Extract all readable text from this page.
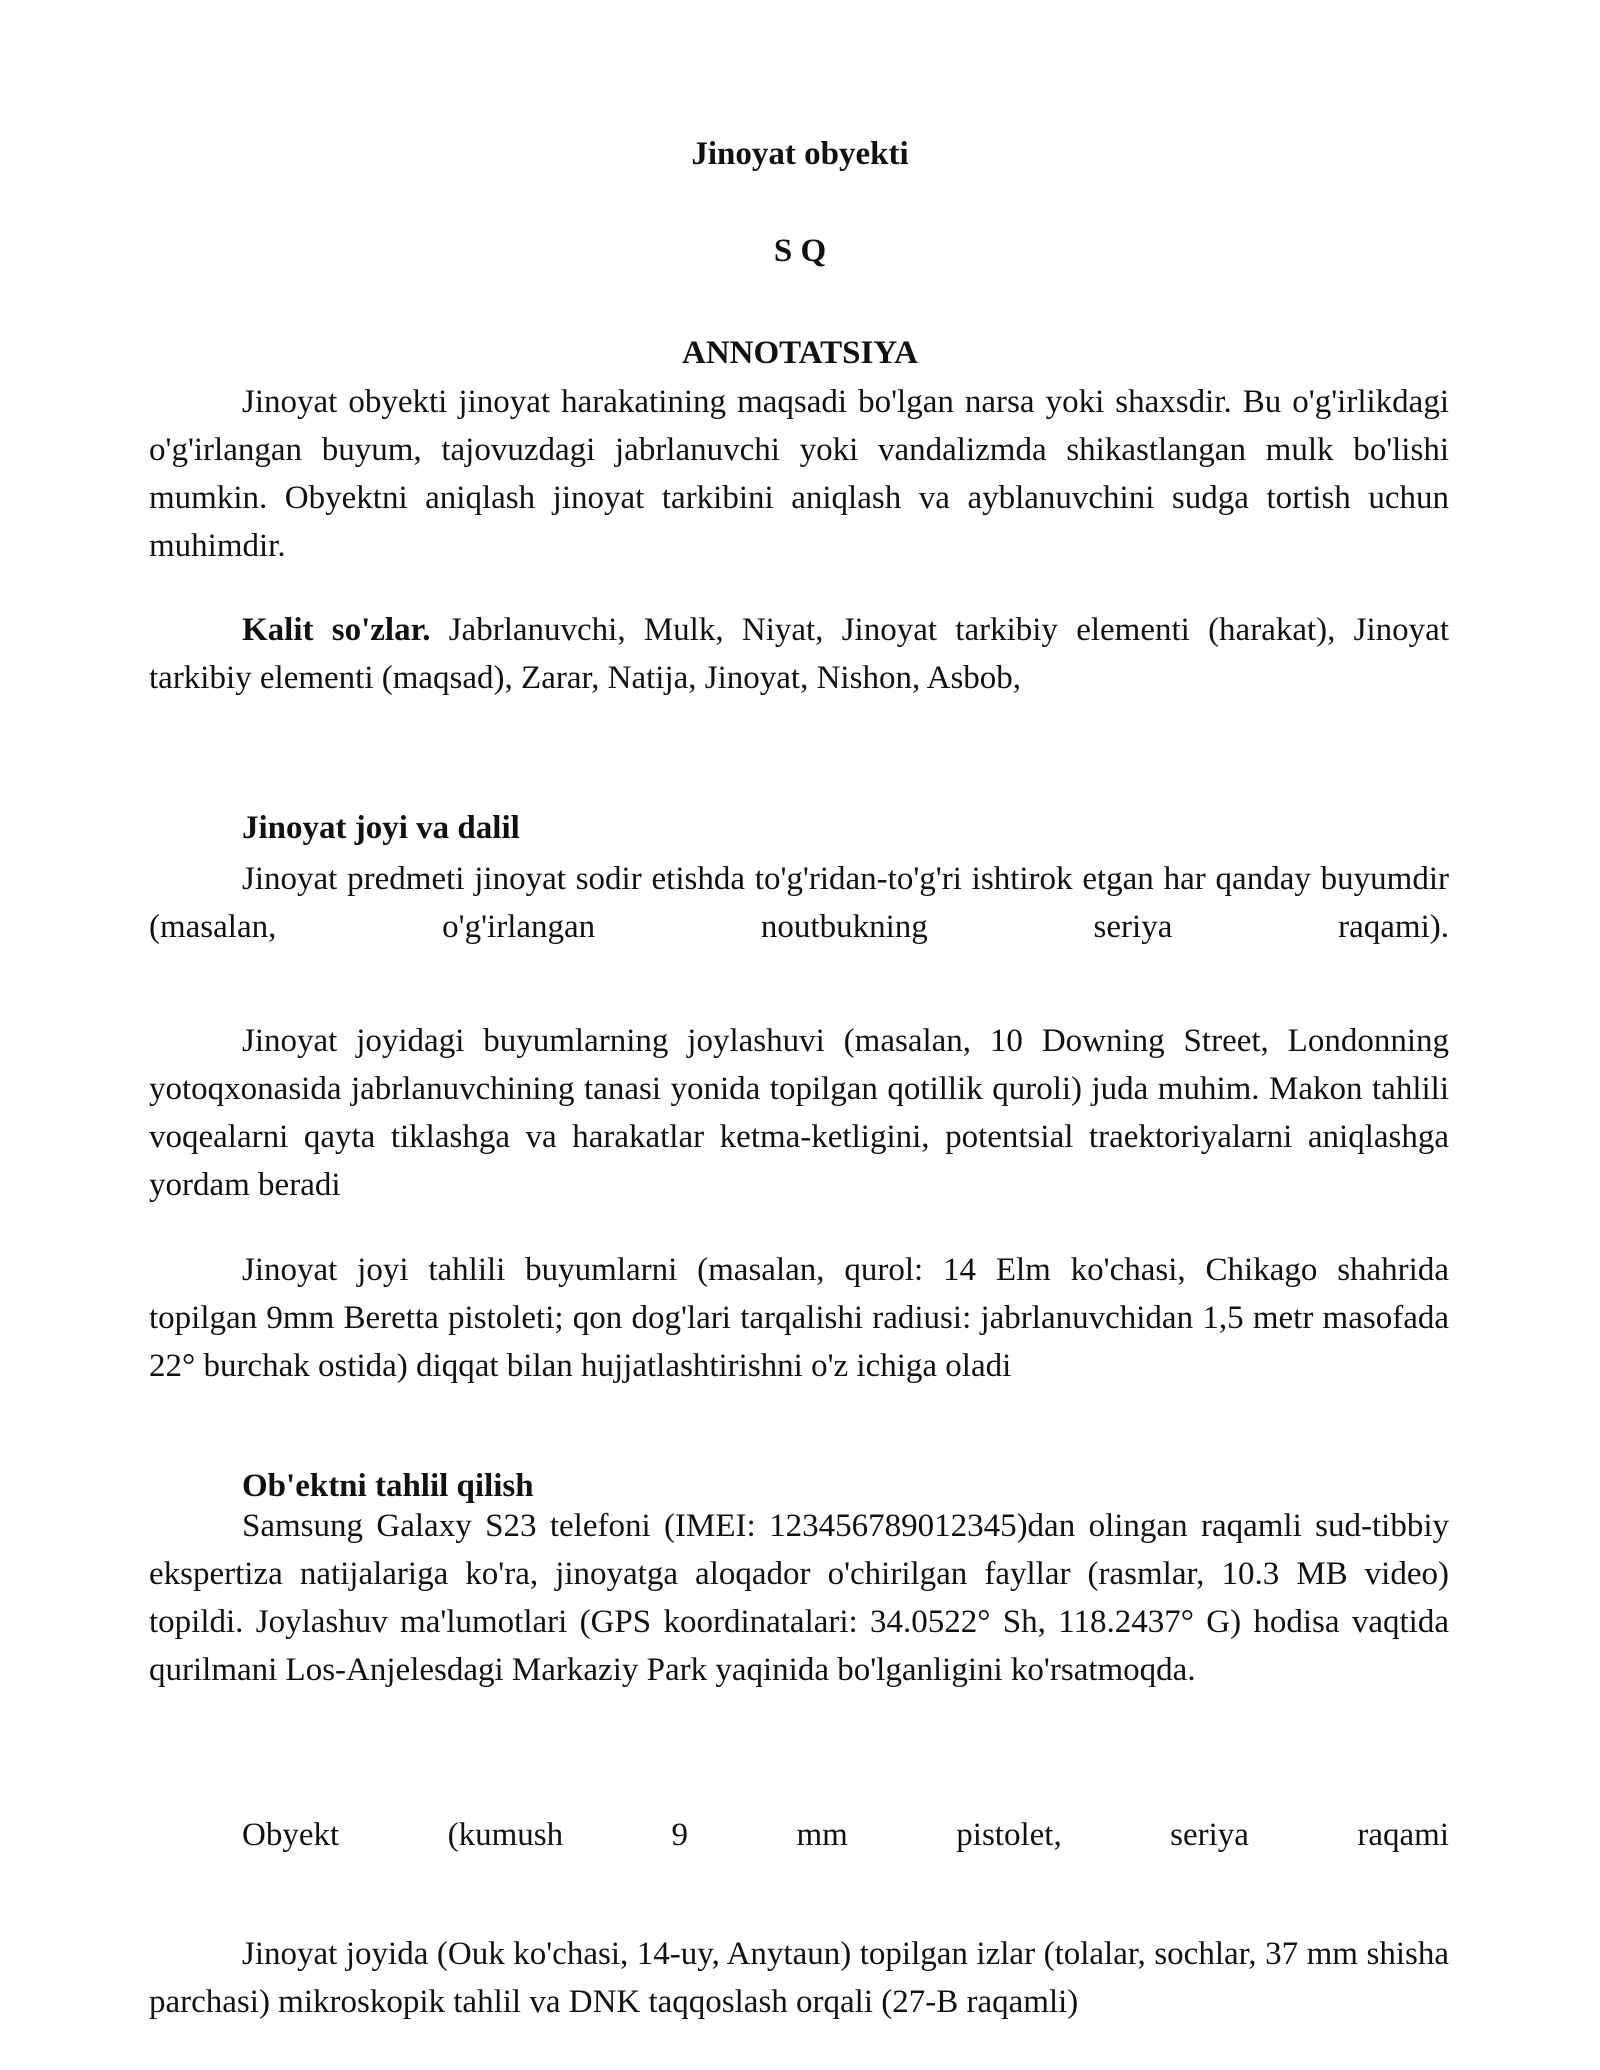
Jinoyat obyekti
S Q
ANNOTATSIYA

Jinoyat obyekti jinoyat harakatining maqsadi bo'lgan narsa yoki shaxsdir. Bu o'g'irlikdagi o'g'irlangan buyum, tajovuzdagi jabrlanuvchi yoki vandalizmda shikastlangan mulk bo'lishi mumkin. Obyektni aniqlash jinoyat tarkibini aniqlash va ayblanuvchini sudga tortish uchun muhimdir.

Kalit so'zlar. Jabrlanuvchi, Mulk, Niyat, Jinoyat tarkibiy elementi (harakat), Jinoyat tarkibiy elementi (maqsad), Zarar, Natija, Jinoyat, Nishon, Asbob,

Jinoyat joyi va dalil

Jinoyat predmeti jinoyat sodir etishda to'g'ridan-to'g'ri ishtirok etgan har qanday buyumdir (masalan, o'g'irlangan noutbukning seriya raqami).

Jinoyat joyidagi buyumlarning joylashuvi (masalan, 10 Downing Street, Londonning yotoqxonasida jabrlanuvchining tanasi yonida topilgan qotillik quroli) juda muhim. Makon tahlili voqealarni qayta tiklashga va harakatlar ketma-ketligini, potentsial traektoriyalarni aniqlashga yordam beradi

Jinoyat joyi tahlili buyumlarni (masalan, qurol: 14 Elm ko'chasi, Chikago shahrida topilgan 9mm Beretta pistoleti; qon dog'lari tarqalishi radiusi: jabrlanuvchidan 1,5 metr masofada 22° burchak ostida) diqqat bilan hujjatlashtirishni o'z ichiga oladi

Ob'ektni tahlil qilish

Samsung Galaxy S23 telefoni (IMEI: 123456789012345)dan olingan raqamli sud-tibbiy ekspertiza natijalariga ko'ra, jinoyatga aloqador o'chirilgan fayllar (rasmlar, 10.3 MB video) topildi. Joylashuv ma'lumotlari (GPS koordinatalari: 34.0522° Sh, 118.2437° G) hodisa vaqtida qurilmani Los-Anjelesdagi Markaziy Park yaqinida bo'lganligini ko'rsatmoqda.

Obyekt (kumush 9 mm pistolet, seriya raqami

Jinoyat joyida (Ouk ko'chasi, 14-uy, Anytaun) topilgan izlar (tolalar, sochlar, 37 mm shisha parchasi) mikroskopik tahlil va DNK taqqoslash orqali (27-B raqamli)
